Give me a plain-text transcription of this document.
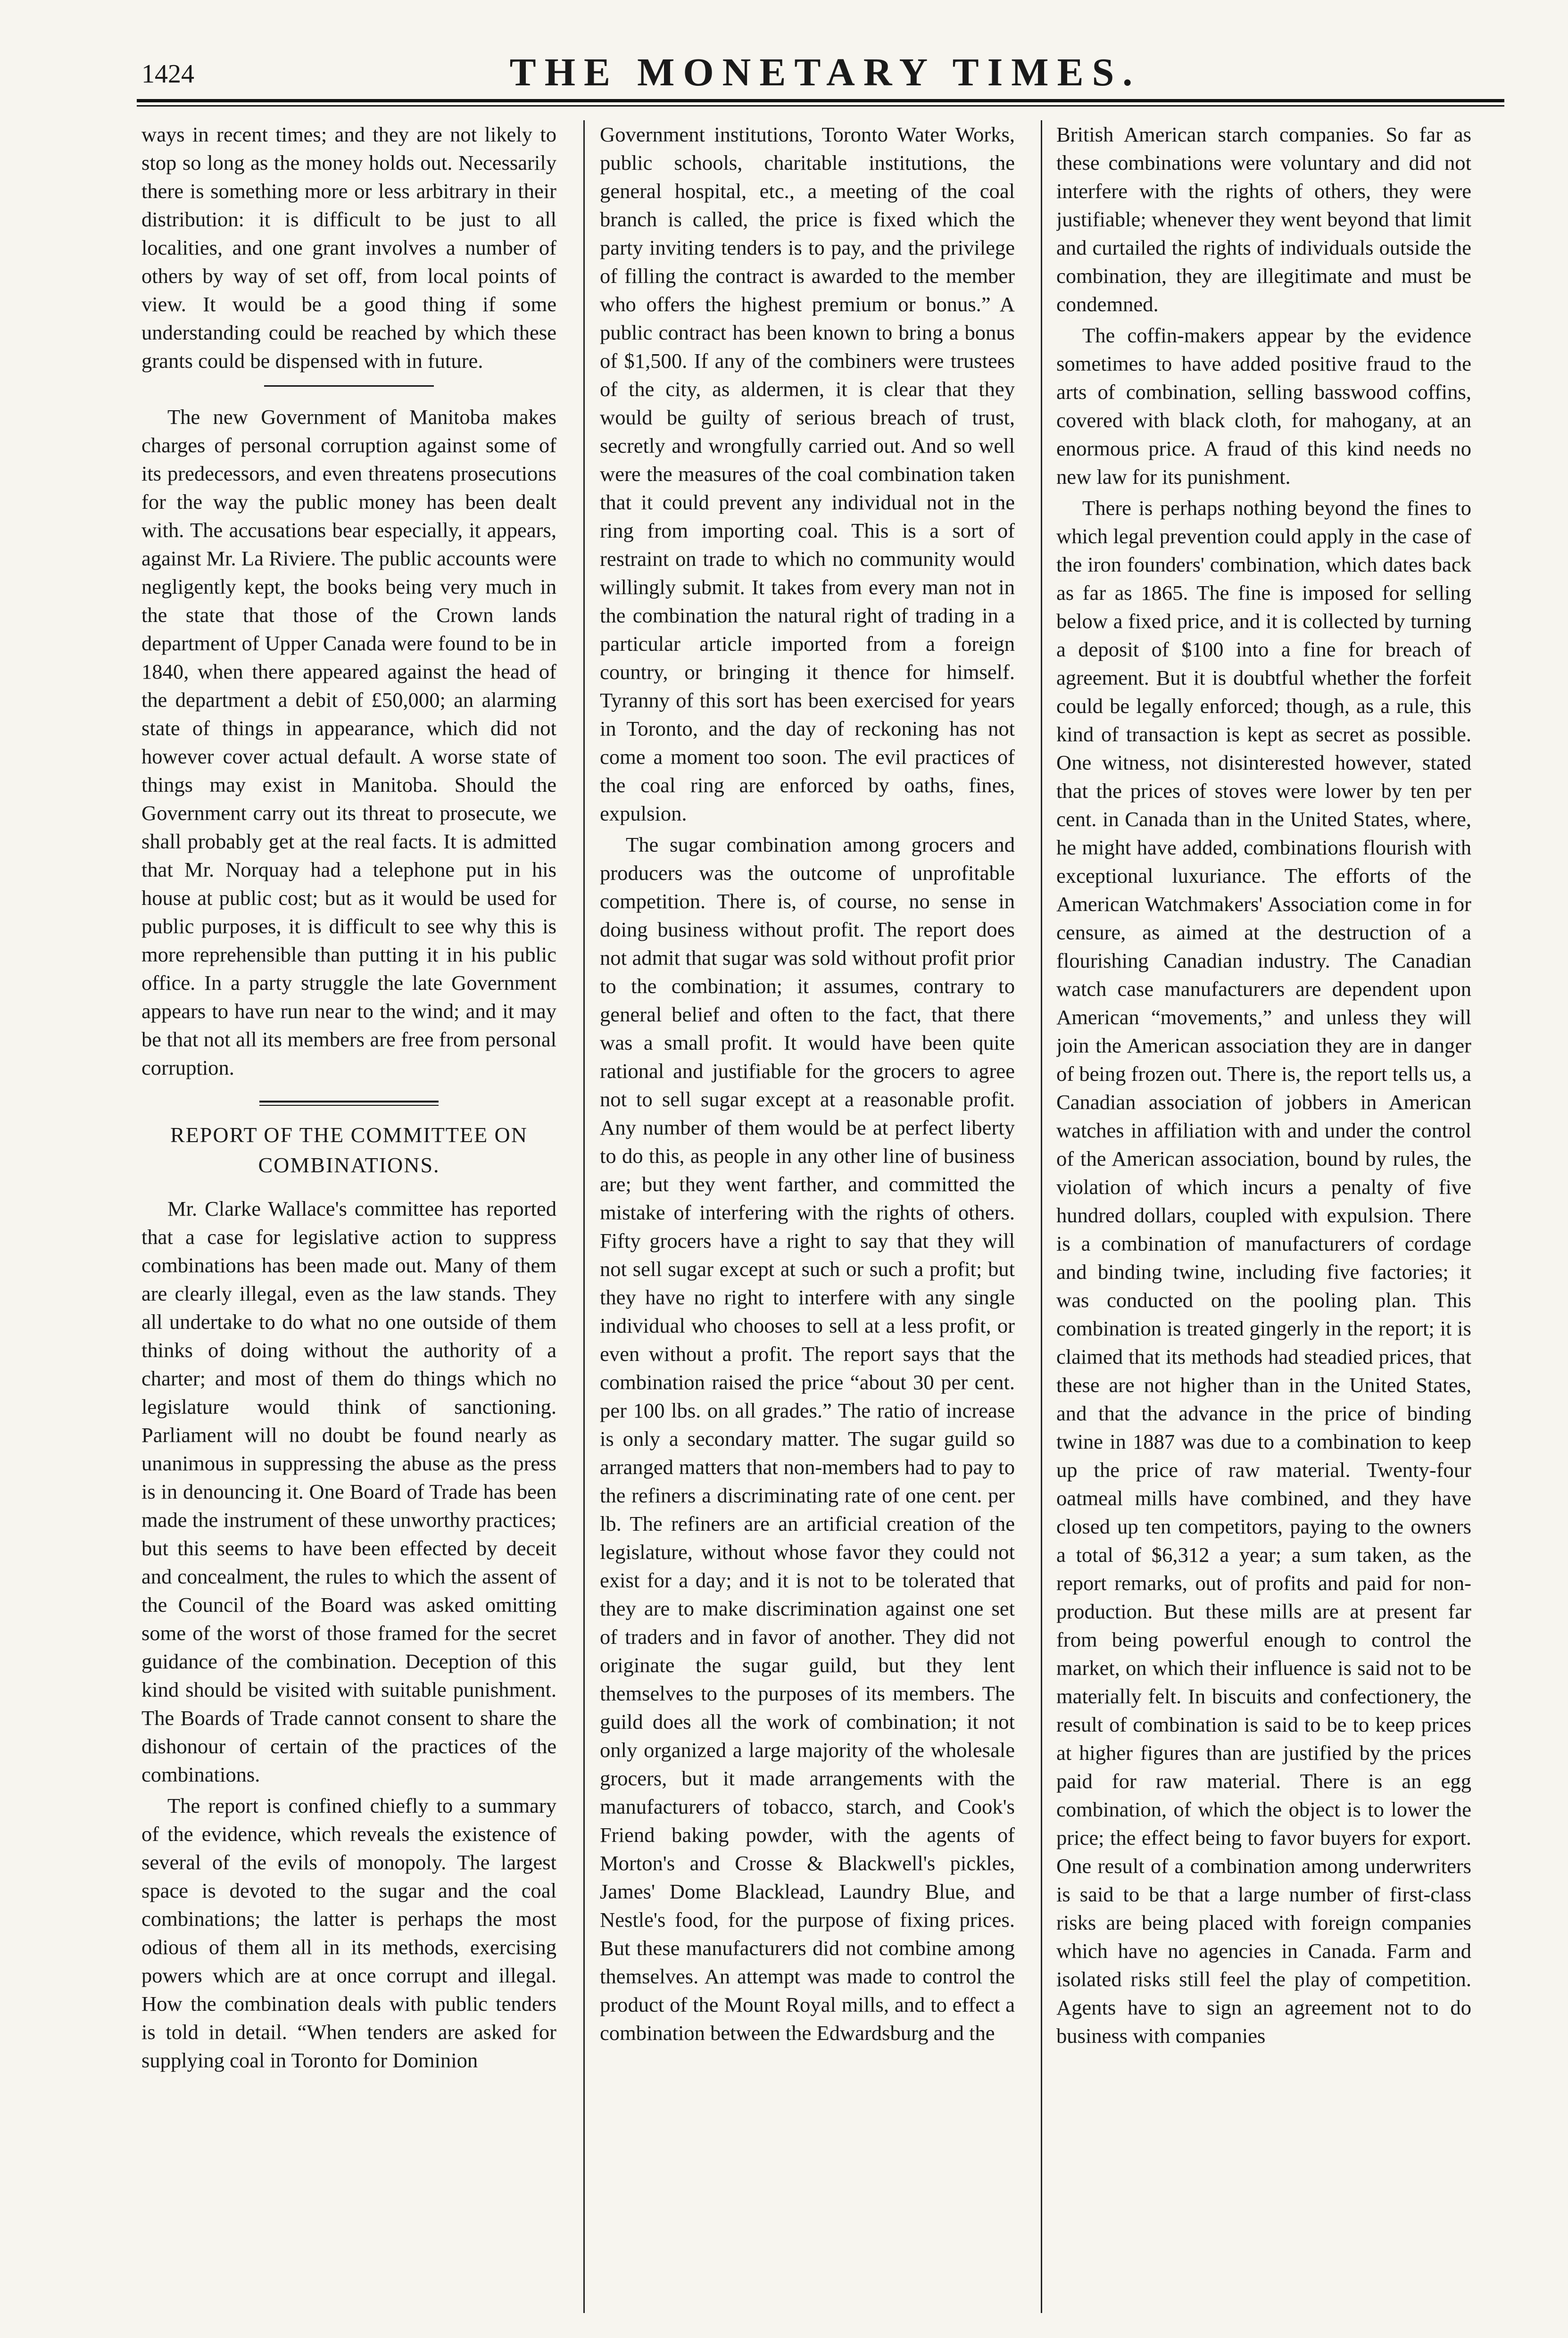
1424	THE MONETARY TIMES.

ways in recent times; and they are not likely to stop so long as the money holds out. Necessarily there is something more or less arbitrary in their distribution: it is difficult to be just to all localities, and one grant involves a number of others by way of set off, from local points of view. It would be a good thing if some understanding could be reached by which these grants could be dispensed with in future.

The new Government of Manitoba makes charges of personal corruption against some of its predecessors, and even threatens prosecutions for the way the public money has been dealt with. The accusations bear especially, it appears, against Mr. La Riviere. The public accounts were negligently kept, the books being very much in the state that those of the Crown lands department of Upper Canada were found to be in 1840, when there appeared against the head of the department a debit of £50,000; an alarming state of things in appearance, which did not however cover actual default. A worse state of things may exist in Manitoba. Should the Government carry out its threat to prosecute, we shall probably get at the real facts. It is admitted that Mr. Norquay had a telephone put in his house at public cost; but as it would be used for public purposes, it is difficult to see why this is more reprehensible than putting it in his public office. In a party struggle the late Government appears to have run near to the wind; and it may be that not all its members are free from personal corruption.

REPORT OF THE COMMITTEE ON COMBINATIONS.

Mr. Clarke Wallace's committee has reported that a case for legislative action to suppress combinations has been made out. Many of them are clearly illegal, even as the law stands. They all undertake to do what no one outside of them thinks of doing without the authority of a charter; and most of them do things which no legislature would think of sanctioning. Parliament will no doubt be found nearly as unanimous in suppressing the abuse as the press is in denouncing it. One Board of Trade has been made the instrument of these unworthy practices; but this seems to have been effected by deceit and concealment, the rules to which the assent of the Council of the Board was asked omitting some of the worst of those framed for the secret guidance of the combination. Deception of this kind should be visited with suitable punishment. The Boards of Trade cannot consent to share the dishonour of certain of the practices of the combinations.

The report is confined chiefly to a summary of the evidence, which reveals the existence of several of the evils of monopoly. The largest space is devoted to the sugar and the coal combinations; the latter is perhaps the most odious of them all in its methods, exercising powers which are at once corrupt and illegal. How the combination deals with public tenders is told in detail. “When tenders are asked for supplying coal in Toronto for Dominion

Government institutions, Toronto Water Works, public schools, charitable institutions, the general hospital, etc., a meeting of the coal branch is called, the price is fixed which the party inviting tenders is to pay, and the privilege of filling the contract is awarded to the member who offers the highest premium or bonus.” A public contract has been known to bring a bonus of $1,500. If any of the combiners were trustees of the city, as aldermen, it is clear that they would be guilty of serious breach of trust, secretly and wrongfully carried out. And so well were the measures of the coal combination taken that it could prevent any individual not in the ring from importing coal. This is a sort of restraint on trade to which no community would willingly submit. It takes from every man not in the combination the natural right of trading in a particular article imported from a foreign country, or bringing it thence for himself. Tyranny of this sort has been exercised for years in Toronto, and the day of reckoning has not come a moment too soon. The evil practices of the coal ring are enforced by oaths, fines, expulsion.

The sugar combination among grocers and producers was the outcome of unprofitable competition. There is, of course, no sense in doing business without profit. The report does not admit that sugar was sold without profit prior to the combination; it assumes, contrary to general belief and often to the fact, that there was a small profit. It would have been quite rational and justifiable for the grocers to agree not to sell sugar except at a reasonable profit. Any number of them would be at perfect liberty to do this, as people in any other line of business are; but they went farther, and committed the mistake of interfering with the rights of others. Fifty grocers have a right to say that they will not sell sugar except at such or such a profit; but they have no right to interfere with any single individual who chooses to sell at a less profit, or even without a profit. The report says that the combination raised the price “about 30 per cent. per 100 lbs. on all grades.” The ratio of increase is only a secondary matter. The sugar guild so arranged matters that non-members had to pay to the refiners a discriminating rate of one cent. per lb. The refiners are an artificial creation of the legislature, without whose favor they could not exist for a day; and it is not to be tolerated that they are to make discrimination against one set of traders and in favor of another. They did not originate the sugar guild, but they lent themselves to the purposes of its members. The guild does all the work of combination; it not only organized a large majority of the wholesale grocers, but it made arrangements with the manufacturers of tobacco, starch, and Cook's Friend baking powder, with the agents of Morton's and Crosse & Blackwell's pickles, James' Dome Blacklead, Laundry Blue, and Nestle's food, for the purpose of fixing prices. But these manufacturers did not combine among themselves. An attempt was made to control the product of the Mount Royal mills, and to effect a combination between the Edwardsburg and the

British American starch companies. So far as these combinations were voluntary and did not interfere with the rights of others, they were justifiable; whenever they went beyond that limit and curtailed the rights of individuals outside the combination, they are illegitimate and must be condemned.

The coffin-makers appear by the evidence sometimes to have added positive fraud to the arts of combination, selling basswood coffins, covered with black cloth, for mahogany, at an enormous price. A fraud of this kind needs no new law for its punishment.

There is perhaps nothing beyond the fines to which legal prevention could apply in the case of the iron founders' combination, which dates back as far as 1865. The fine is imposed for selling below a fixed price, and it is collected by turning a deposit of $100 into a fine for breach of agreement. But it is doubtful whether the forfeit could be legally enforced; though, as a rule, this kind of transaction is kept as secret as possible. One witness, not disinterested however, stated that the prices of stoves were lower by ten per cent. in Canada than in the United States, where, he might have added, combinations flourish with exceptional luxuriance. The efforts of the American Watchmakers' Association come in for censure, as aimed at the destruction of a flourishing Canadian industry. The Canadian watch case manufacturers are dependent upon American “movements,” and unless they will join the American association they are in danger of being frozen out. There is, the report tells us, a Canadian association of jobbers in American watches in affiliation with and under the control of the American association, bound by rules, the violation of which incurs a penalty of five hundred dollars, coupled with expulsion. There is a combination of manufacturers of cordage and binding twine, including five factories; it was conducted on the pooling plan. This combination is treated gingerly in the report; it is claimed that its methods had steadied prices, that these are not higher than in the United States, and that the advance in the price of binding twine in 1887 was due to a combination to keep up the price of raw material. Twenty-four oatmeal mills have combined, and they have closed up ten competitors, paying to the owners a total of $6,312 a year; a sum taken, as the report remarks, out of profits and paid for non-production. But these mills are at present far from being powerful enough to control the market, on which their influence is said not to be materially felt. In biscuits and confectionery, the result of combination is said to be to keep prices at higher figures than are justified by the prices paid for raw material. There is an egg combination, of which the object is to lower the price; the effect being to favor buyers for export. One result of a combination among underwriters is said to be that a large number of first-class risks are being placed with foreign companies which have no agencies in Canada. Farm and isolated risks still feel the play of competition. Agents have to sign an agreement not to do business with companies
